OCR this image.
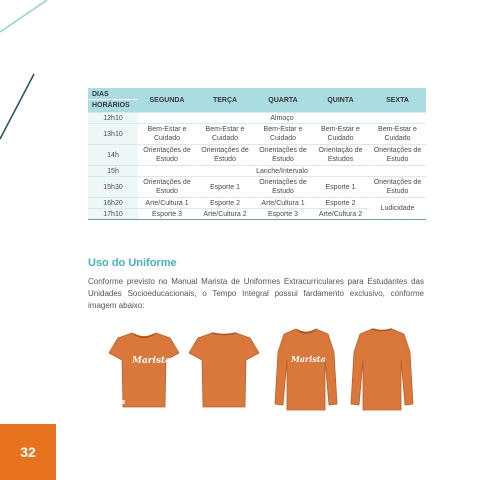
DIAS
HORÁRIOS	SEGUNDA	TERÇA	QUARTA	QUINTA	SEXTA
12h10	Almoço				
13h10	Bem-Estar e Cuidado	Bem-Estar e Cuidado	Bem-Estar e Cuidado	Bem-Estar e Cuidado	Bem-Estar e Cuidado
14h	Orientações de Estudo	Orientações de Estudo	Orientações de Estudo	Orientação de Estudos	Orientações de Estudo
15h	Lanche/Intervalo				
15h30	Orientações de Estudo	Esporte 1	Orientações de Estudo	Esporte 1	Orientações de Estudo
16h20	Arte/Cultura 1	Esporte 2	Arte/Cultura 1	Esporte 2	Ludicidade
17h10	Esporte 3	Arte/Cultura 2	Esporte 3	Arte/Cultura 2	
Uso do Uniforme

Conforme previsto no Manual Marista de Uniformes Extracurriculares para Estudantes das Unidades Socioeducacionais, o Tempo Integral possui fardamento exclusivo, conforme imagem abaixo:

Marista	Marista
32
